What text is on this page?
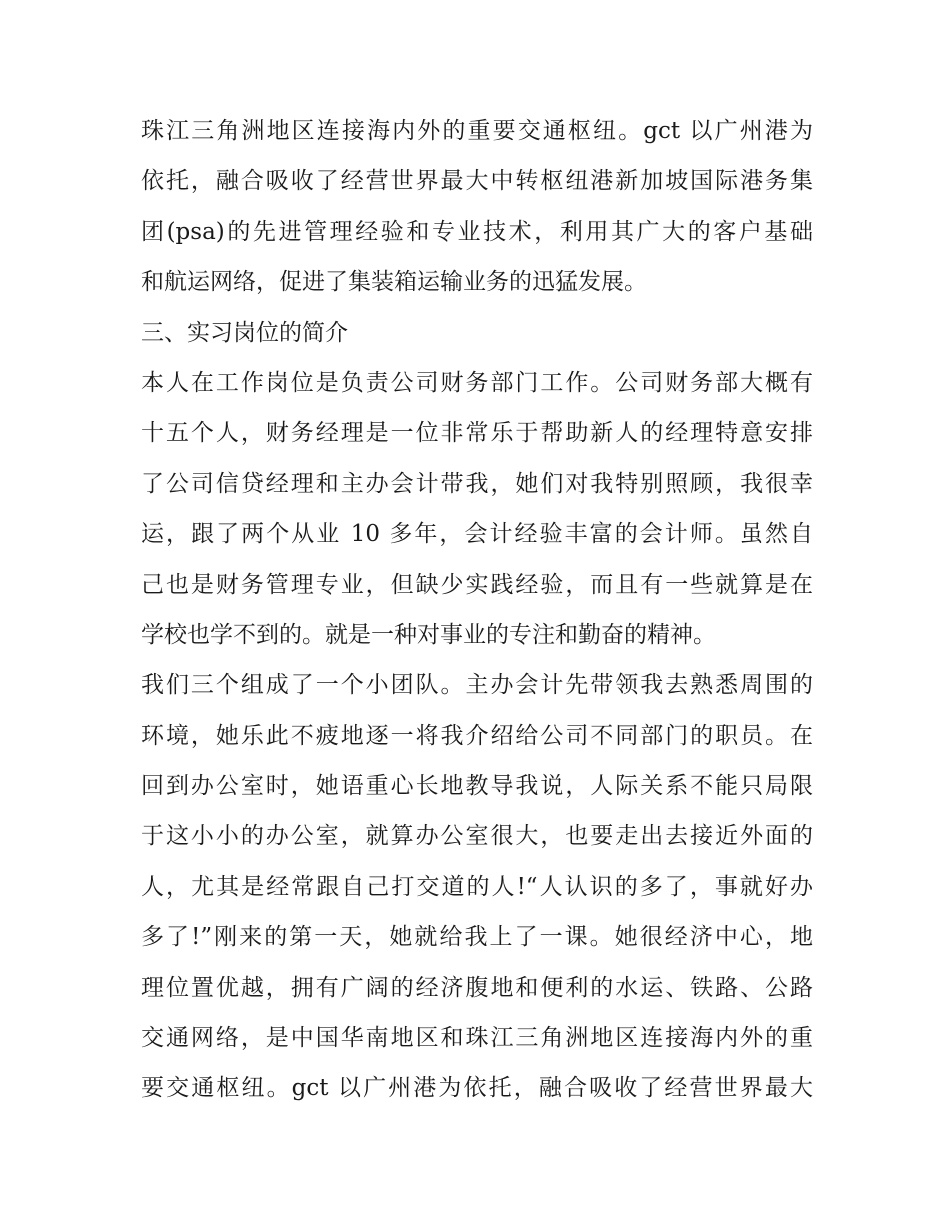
珠江三角洲地区连接海内外的重要交通枢纽。gct 以广州港为
依托，融合吸收了经营世界最大中转枢纽港新加坡国际港务集
团(psa)的先进管理经验和专业技术，利用其广大的客户基础
和航运网络，促进了集装箱运输业务的迅猛发展。
三、实习岗位的简介
本人在工作岗位是负责公司财务部门工作。公司财务部大概有
十五个人，财务经理是一位非常乐于帮助新人的经理特意安排
了公司信贷经理和主办会计带我，她们对我特别照顾，我很幸
运，跟了两个从业 10 多年，会计经验丰富的会计师。虽然自
己也是财务管理专业，但缺少实践经验，而且有一些就算是在
学校也学不到的。就是一种对事业的专注和勤奋的精神。
我们三个组成了一个小团队。主办会计先带领我去熟悉周围的
环境，她乐此不疲地逐一将我介绍给公司不同部门的职员。在
回到办公室时，她语重心长地教导我说，人际关系不能只局限
于这小小的办公室，就算办公室很大，也要走出去接近外面的
人，尤其是经常跟自己打交道的人!“人认识的多了，事就好办
多了!”刚来的第一天，她就给我上了一课。她很经济中心，地
理位置优越，拥有广阔的经济腹地和便利的水运、铁路、公路
交通网络，是中国华南地区和珠江三角洲地区连接海内外的重
要交通枢纽。gct 以广州港为依托，融合吸收了经营世界最大
